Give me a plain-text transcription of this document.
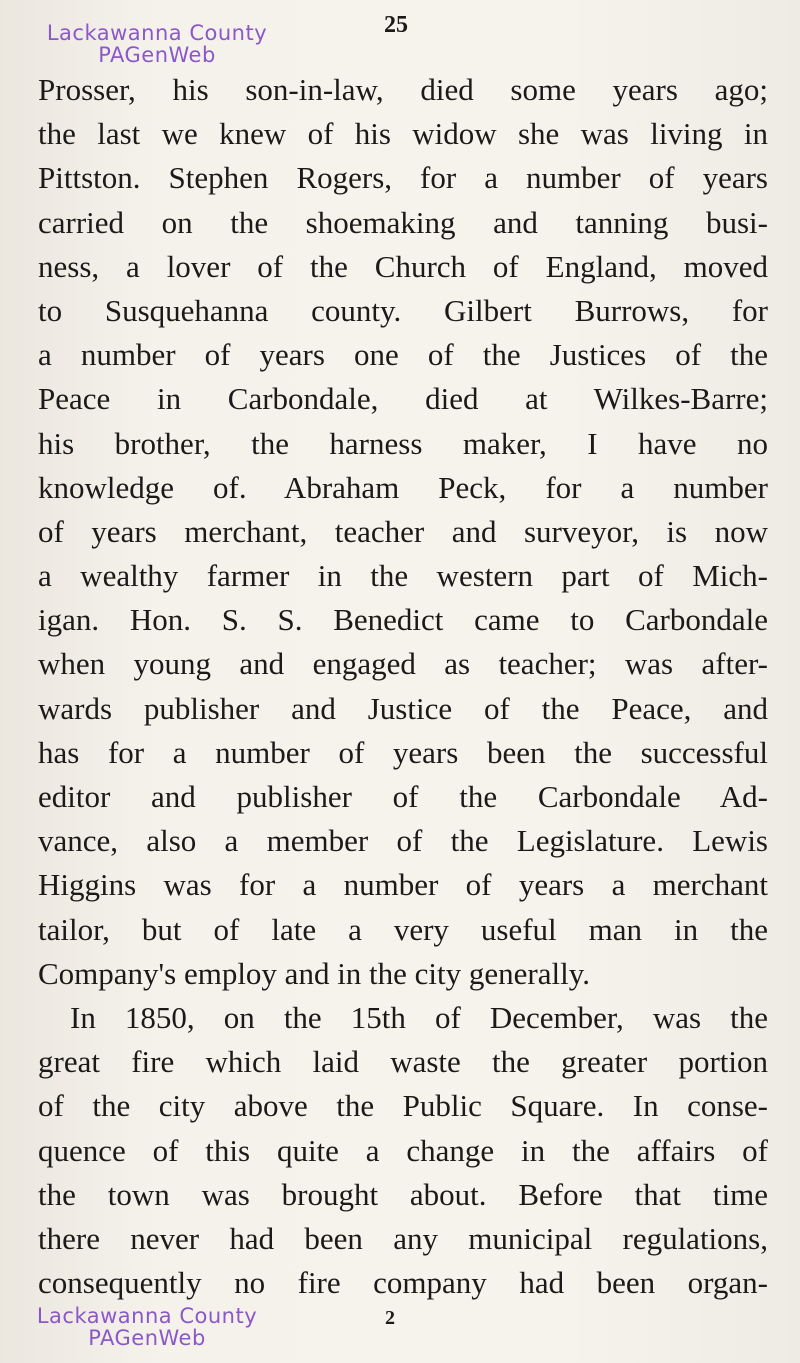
Lackawanna County
PAGenWeb
25
Prosser, his son-in-law, died some years ago;
the last we knew of his widow she was living in
Pittston. Stephen Rogers, for a number of years
carried on the shoemaking and tanning busi-
ness, a lover of the Church of England, moved
to Susquehanna county. Gilbert Burrows, for
a number of years one of the Justices of the
Peace in Carbondale, died at Wilkes-Barre;
his brother, the harness maker, I have no
knowledge of. Abraham Peck, for a number
of years merchant, teacher and surveyor, is now
a wealthy farmer in the western part of Mich-
igan. Hon. S. S. Benedict came to Carbondale
when young and engaged as teacher; was after-
wards publisher and Justice of the Peace, and
has for a number of years been the successful
editor and publisher of the Carbondale Ad-
vance, also a member of the Legislature. Lewis
Higgins was for a number of years a merchant
tailor, but of late a very useful man in the
Company's employ and in the city generally.
In 1850, on the 15th of December, was the
great fire which laid waste the greater portion
of the city above the Public Square. In conse-
quence of this quite a change in the affairs of
the town was brought about. Before that time
there never had been any municipal regulations,
consequently no fire company had been organ-
2
Lackawanna County
PAGenWeb
